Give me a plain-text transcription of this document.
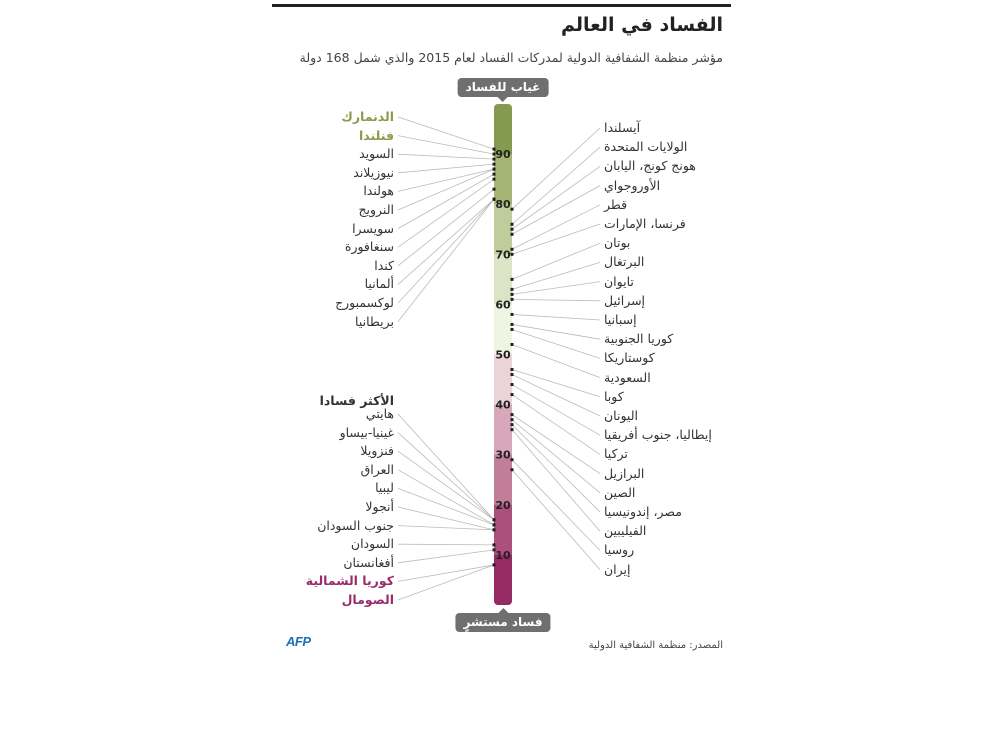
الفساد في العالم
مؤشر منظمة الشفافية الدولية لمدركات الفساد لعام 2015 والذي شمل 168 دولة
10
20
30
40
50
60
70
80
90
غياب للفساد
فساد مستشرٍ
الأكثر فسادا
الدنمارك
فنلندا
السويد
نيوزيلاند
هولندا
النرويج
سويسرا
سنغافورة
كندا
ألمانيا
لوكسمبورج
بريطانيا
هايتي
غينيا-بيساو
فنزويلا
العراق
ليبيا
أنجولا
جنوب السودان
السودان
أفغانستان
كوريا الشمالية
الصومال
آيسلندا
الولايات المتحدة
هونج كونج، اليابان
الأوروجواي
قطر
فرنسا، الإمارات
بوتان
البرتغال
تايوان
إسرائيل
إسبانيا
كوريا الجنوبية
كوستاريكا
السعودية
كوبا
اليونان
إيطاليا، جنوب أفريقيا
تركيا
البرازيل
الصين
مصر، إندونيسيا
الفيليبين
روسيا
إيران
المصدر: منظمة الشفافية الدولية
AFP
